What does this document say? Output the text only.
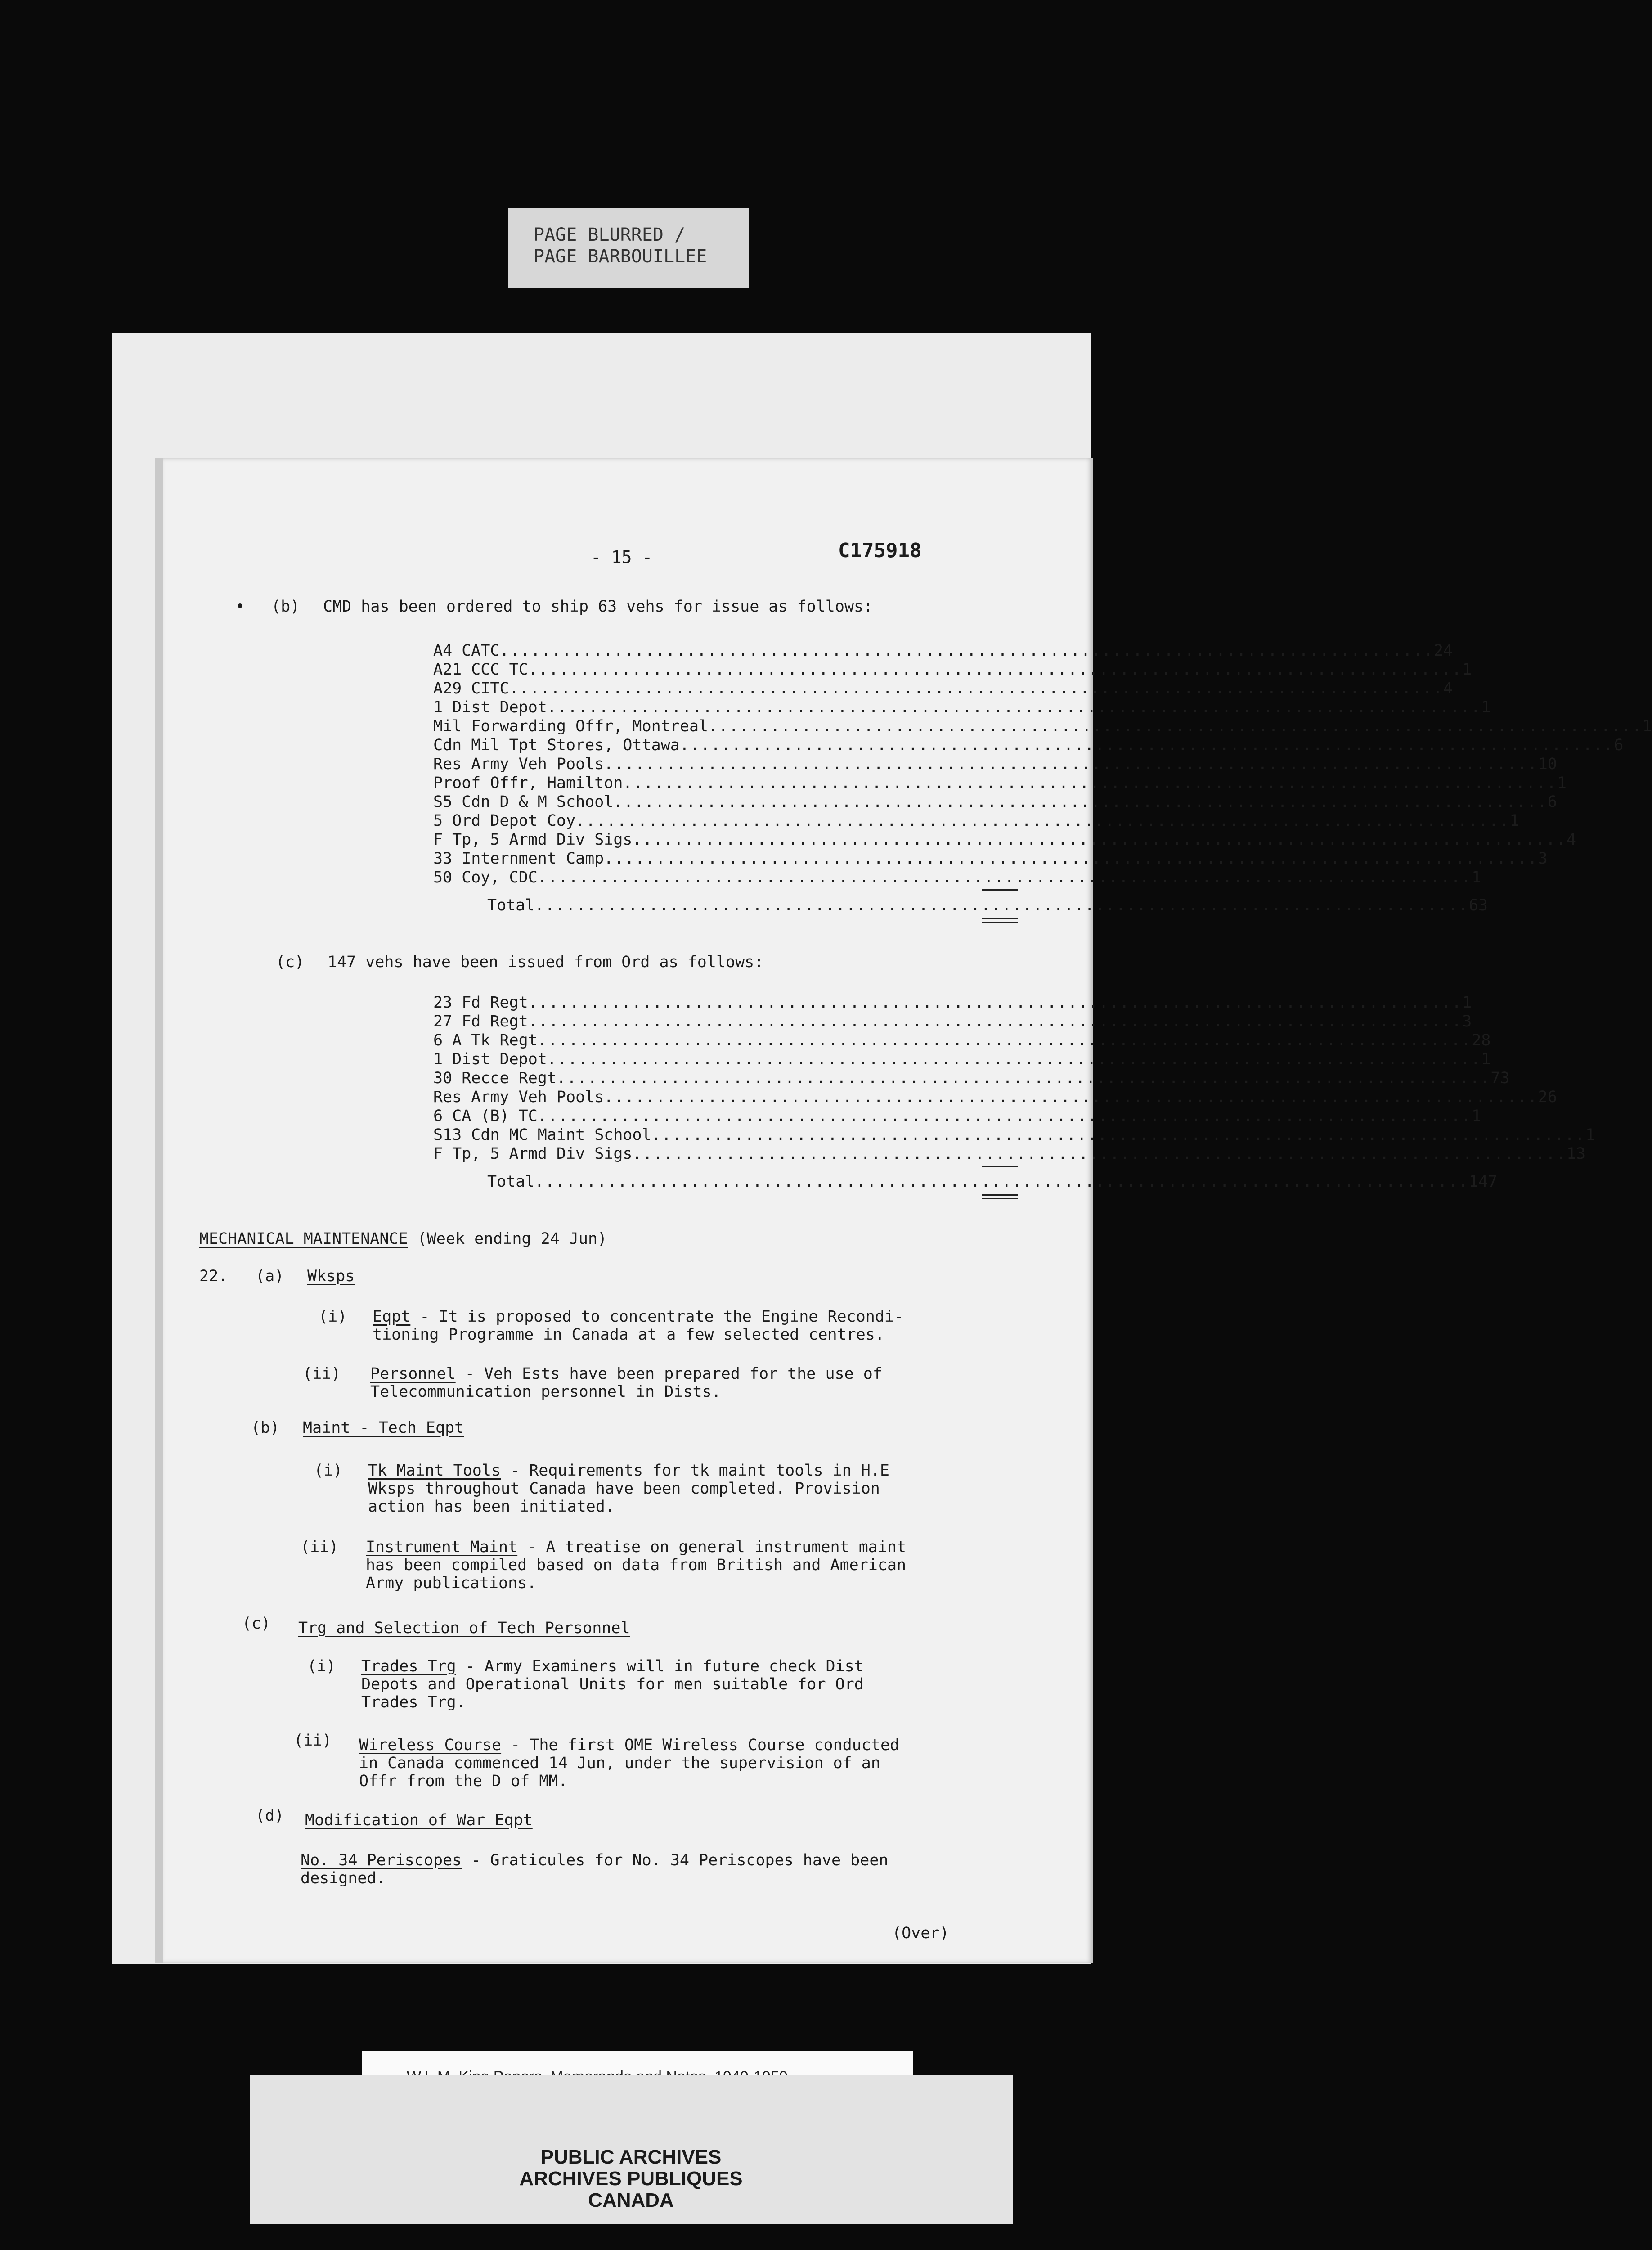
PAGE BLURRED /
PAGE BARBOUILLEE
- 15 -	C175918
• (b) CMD has been ordered to ship 63 vehs for issue as follows:
A4 CATC .......................................................................................... 24
A21 CCC TC .......................................................................................... 1
A29 CITC .......................................................................................... 4
1 Dist Depot .......................................................................................... 1
Mil Forwarding Offr, Montreal .......................................................................................... 1
Cdn Mil Tpt Stores, Ottawa .......................................................................................... 6
Res Army Veh Pools .......................................................................................... 10
Proof Offr, Hamilton .......................................................................................... 1
S5 Cdn D & M School .......................................................................................... 6
5 Ord Depot Coy .......................................................................................... 1
F Tp, 5 Armd Div Sigs .......................................................................................... 4
33 Internment Camp .......................................................................................... 3
50 Coy, CDC .......................................................................................... 1
Total .......................................................................................... 63
(c) 147 vehs have been issued from Ord as follows:
23 Fd Regt .......................................................................................... 1
27 Fd Regt .......................................................................................... 3
6 A Tk Regt .......................................................................................... 28
1 Dist Depot .......................................................................................... 1
30 Recce Regt .......................................................................................... 73
Res Army Veh Pools .......................................................................................... 26
6 CA (B) TC .......................................................................................... 1
S13 Cdn MC Maint School .......................................................................................... 1
F Tp, 5 Armd Div Sigs .......................................................................................... 13
Total .......................................................................................... 147
MECHANICAL MAINTENANCE (Week ending 24 Jun)
22. (a) Wksps
(i) Eqpt - It is proposed to concentrate the Engine Recondi-
tioning Programme in Canada at a few selected centres.
(ii) Personnel - Veh Ests have been prepared for the use of
Telecommunication personnel in Dists.
(b) Maint - Tech Eqpt
(i) Tk Maint Tools - Requirements for tk maint tools in H.E
Wksps throughout Canada have been completed. Provision
action has been initiated.
(ii) Instrument Maint - A treatise on general instrument maint
has been compiled based on data from British and American
Army publications.
(c) Trg and Selection of Tech Personnel
(i) Trades Trg - Army Examiners will in future check Dist
Depots and Operational Units for men suitable for Ord
Trades Trg.
(ii) Wireless Course - The first OME Wireless Course conducted
in Canada commenced 14 Jun, under the supervision of an
Offr from the D of MM.
(d) Modification of War Eqpt
No. 34 Periscopes - Graticules for No. 34 Periscopes have been
designed.
(Over)
PUBLIC ARCHIVES
ARCHIVES PUBLIQUES
CANADA
